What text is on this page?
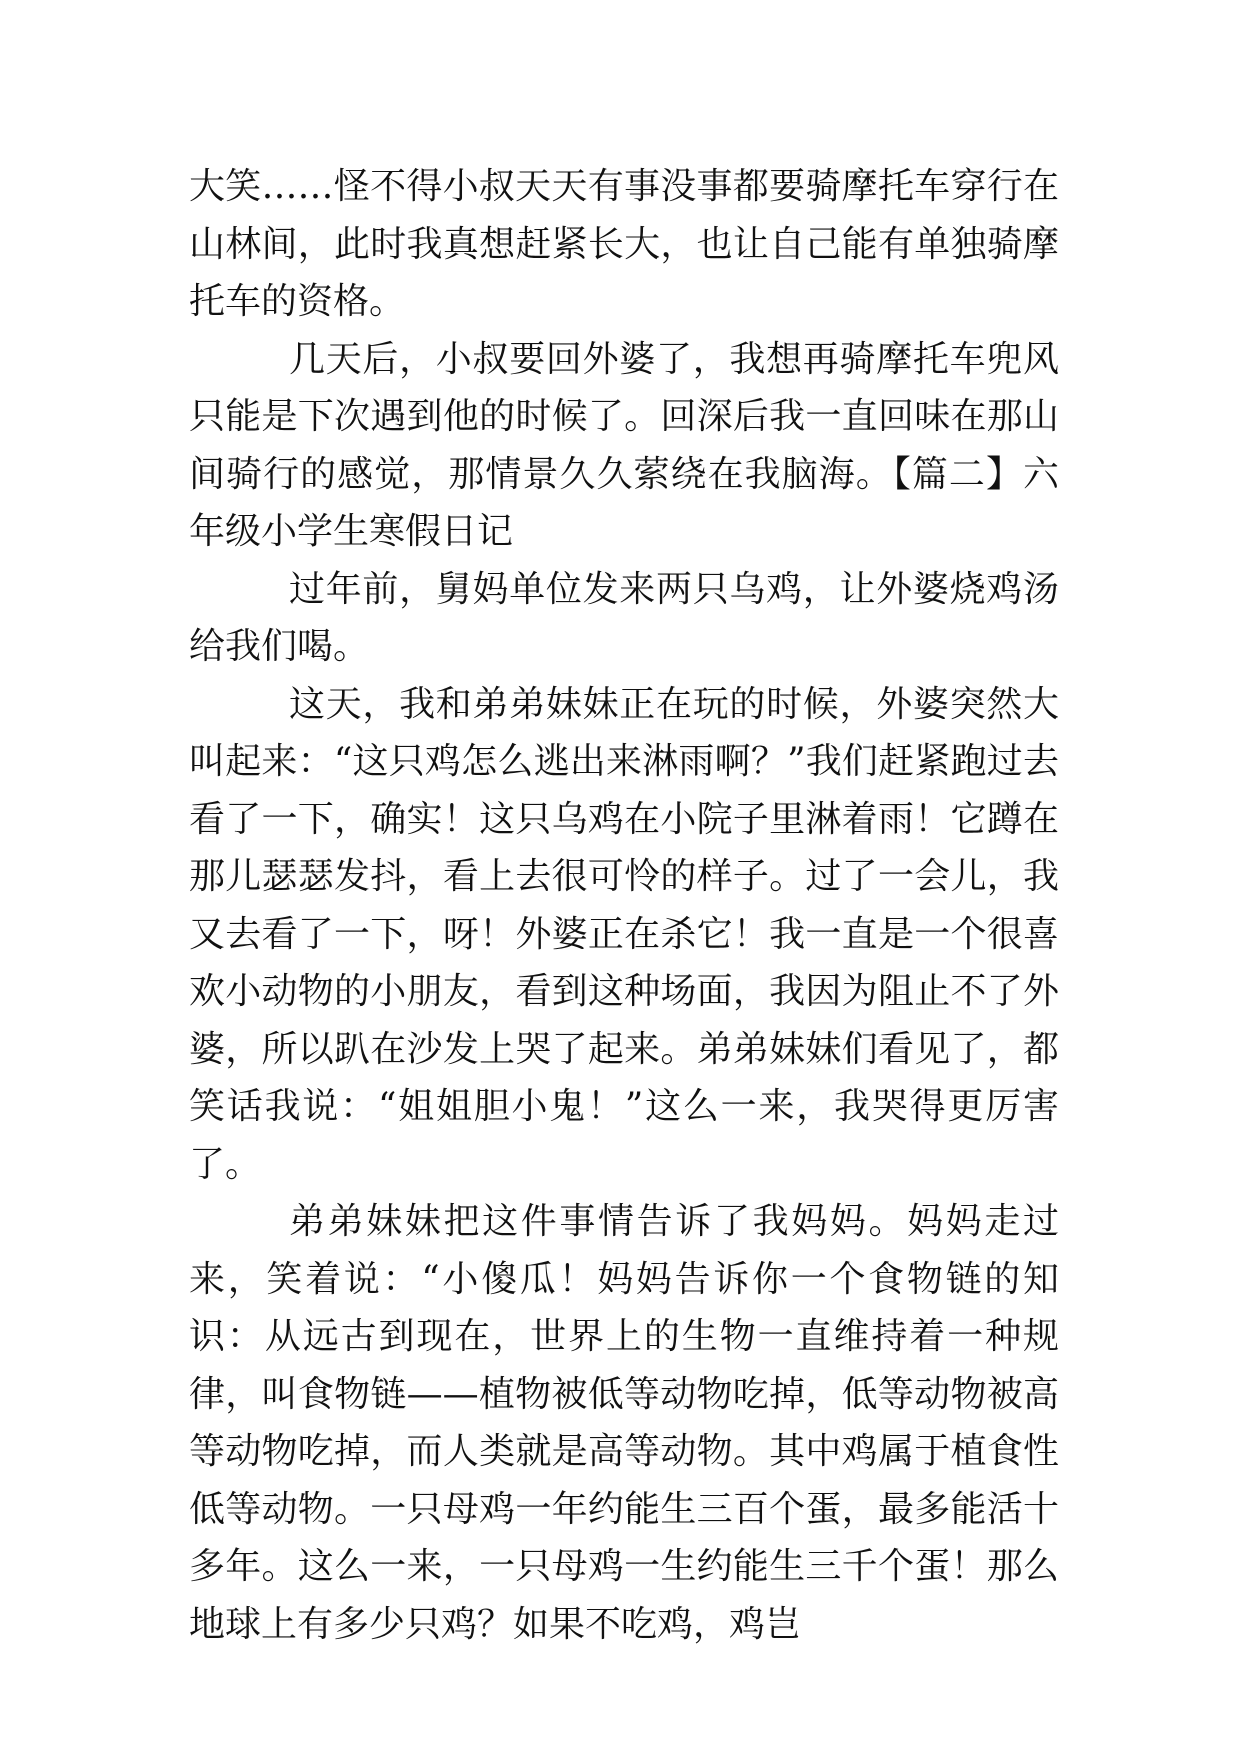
大笑……怪不得小叔天天有事没事都要骑摩托车穿行在山林间，此时我真想赶紧长大，也让自己能有单独骑摩托车的资格。

几天后，小叔要回外婆了，我想再骑摩托车兜风只能是下次遇到他的时候了。回深后我一直回味在那山间骑行的感觉，那情景久久萦绕在我脑海。【篇二】六年级小学生寒假日记

过年前，舅妈单位发来两只乌鸡，让外婆烧鸡汤给我们喝。

这天，我和弟弟妹妹正在玩的时候，外婆突然大叫起来：“这只鸡怎么逃出来淋雨啊？”我们赶紧跑过去看了一下，确实！这只乌鸡在小院子里淋着雨！它蹲在那儿瑟瑟发抖，看上去很可怜的样子。过了一会儿，我又去看了一下，呀！外婆正在杀它！我一直是一个很喜欢小动物的小朋友，看到这种场面，我因为阻止不了外婆，所以趴在沙发上哭了起来。弟弟妹妹们看见了，都笑话我说：“姐姐胆小鬼！”这么一来，我哭得更厉害了。

弟弟妹妹把这件事情告诉了我妈妈。妈妈走过来，笑着说：“小傻瓜！妈妈告诉你一个食物链的知识：从远古到现在，世界上的生物一直维持着一种规律，叫食物链——植物被低等动物吃掉，低等动物被高等动物吃掉，而人类就是高等动物。其中鸡属于植食性低等动物。一只母鸡一年约能生三百个蛋，最多能活十多年。这么一来，一只母鸡一生约能生三千个蛋！那么地球上有多少只鸡？如果不吃鸡，鸡岂
